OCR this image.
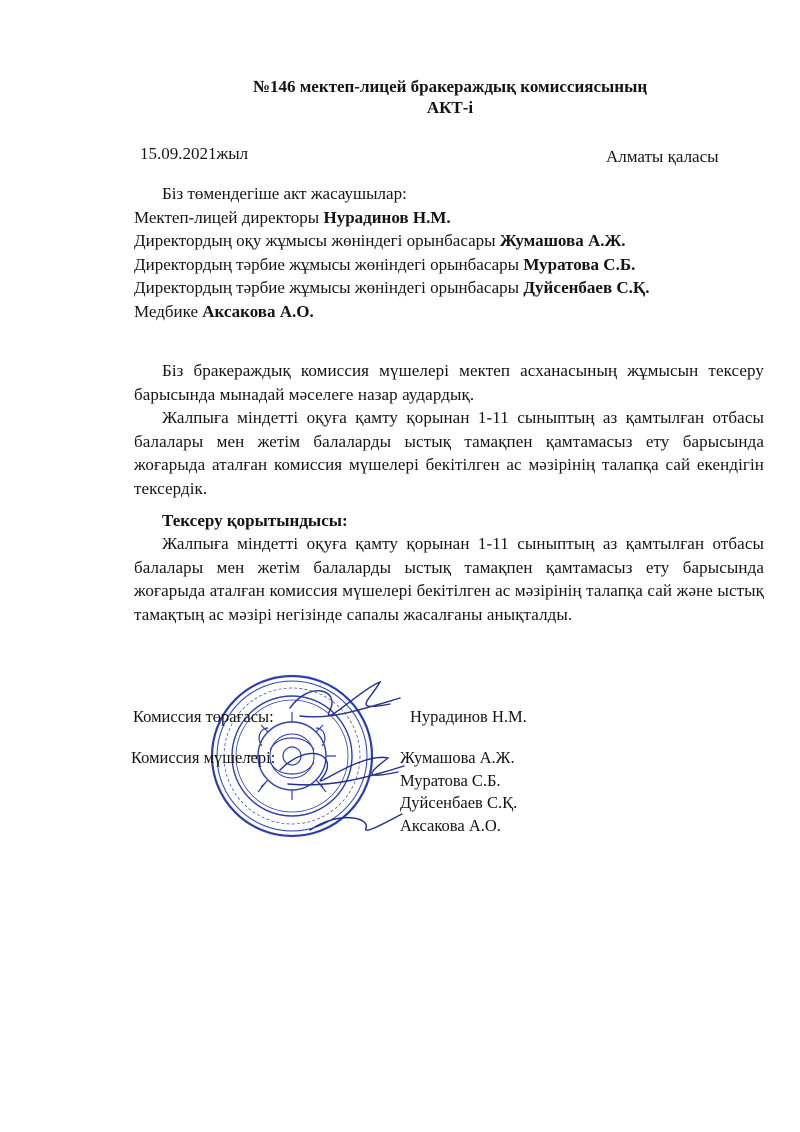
№146 мектеп-лицей бракераждық комиссиясының
АКТ-і
15.09.2021жыл	Алматы қаласы
Біз төмендегіше акт жасаушылар:
Мектеп-лицей директоры Нурадинов Н.М.
Директордың оқу жұмысы жөніндегі орынбасары Жумашова А.Ж.
Директордың тәрбие жұмысы жөніндегі орынбасары Муратова С.Б.
Директордың тәрбие жұмысы жөніндегі орынбасары Дуйсенбаев С.Қ.
Медбике Аксакова А.О.
Біз бракераждық комиссия мүшелері мектеп асханасының жұмысын тексеру барысында мынадай мәселеге назар аудардық.
Жалпыға міндетті оқуға қамту қорынан 1-11 сыныптың аз қамтылған отбасы балалары мен жетім балаларды ыстық тамақпен қамтамасыз ету барысында жоғарыда аталған комиссия мүшелері бекітілген ас мәзірінің талапқа сай екендігін тексердік.
Тексеру қорытындысы:
Жалпыға міндетті оқуға қамту қорынан 1-11 сыныптың аз қамтылған отбасы балалары мен жетім балаларды ыстық тамақпен қамтамасыз ету барысында жоғарыда аталған комиссия мүшелері бекітілген ас мәзірінің талапқа сай және ыстық тамақтың ас мәзірі негізінде сапалы жасалғаны анықталды.
Комиссия төрағасы:	Нурадинов Н.М.
Комиссия мүшелері:	Жумашова А.Ж.
Муратова С.Б.
Дуйсенбаев С.Қ.
Аксакова А.О.
